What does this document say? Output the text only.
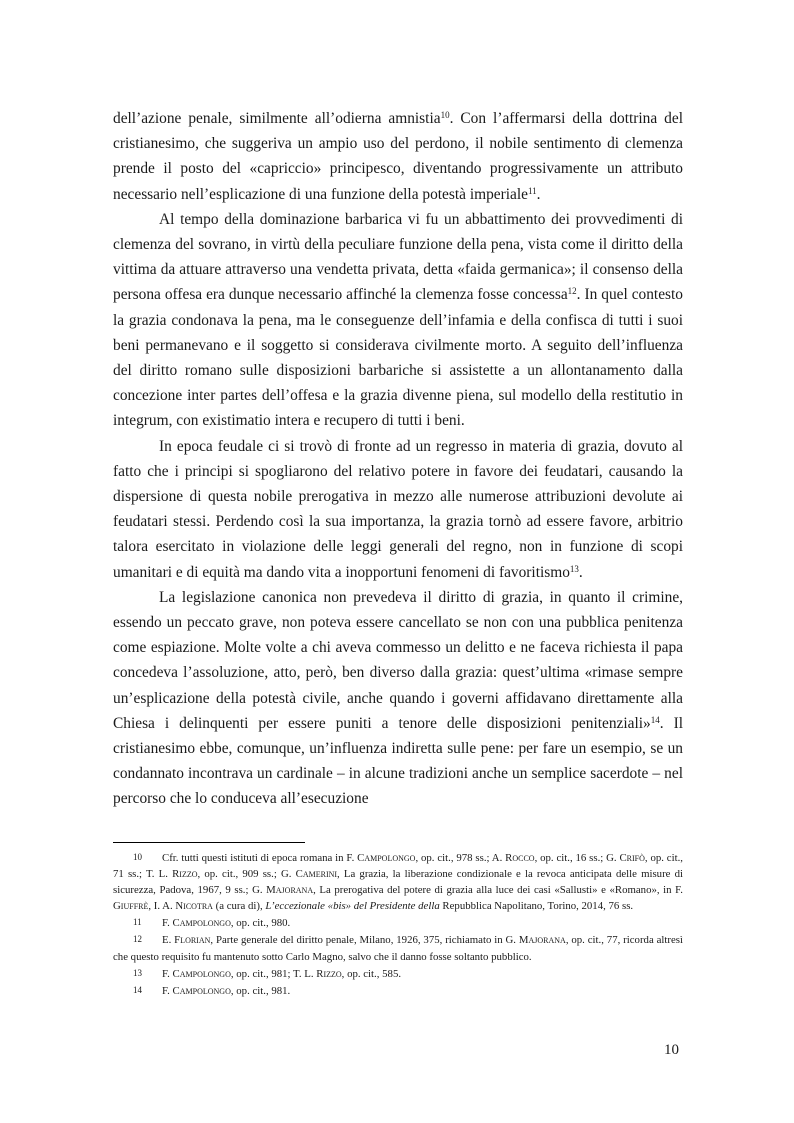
dell’azione penale, similmente all’odierna amnistia$^{10}$. Con l’affermarsi della dottrina del cristianesimo, che suggeriva un ampio uso del perdono, il nobile sentimento di clemenza prende il posto del «capriccio» principesco, diventando progressivamente un attributo necessario nell’esplicazione di una funzione della potestà imperiale$^{11}$.

Al tempo della dominazione barbarica vi fu un abbattimento dei provvedimenti di clemenza del sovrano, in virtù della peculiare funzione della pena, vista come il diritto della vittima da attuare attraverso una vendetta privata, detta «faida germanica»; il consenso della persona offesa era dunque necessario affinché la clemenza fosse concessa$^{12}$. In quel contesto la grazia condonava la pena, ma le conseguenze dell’infamia e della confisca di tutti i suoi beni permanevano e il soggetto si considerava civilmente morto. A seguito dell’influenza del diritto romano sulle disposizioni barbariche si assistette a un allontanamento dalla concezione inter partes dell’offesa e la grazia divenne piena, sul modello della restitutio in integrum, con existimatio intera e recupero di tutti i beni.

In epoca feudale ci si trovò di fronte ad un regresso in materia di grazia, dovuto al fatto che i principi si spogliarono del relativo potere in favore dei feudatari, causando la dispersione di questa nobile prerogativa in mezzo alle numerose attribuzioni devolute ai feudatari stessi. Perdendo così la sua importanza, la grazia tornò ad essere favore, arbitrio talora esercitato in violazione delle leggi generali del regno, non in funzione di scopi umanitari e di equità ma dando vita a inopportuni fenomeni di favoritismo$^{13}$.

La legislazione canonica non prevedeva il diritto di grazia, in quanto il crimine, essendo un peccato grave, non poteva essere cancellato se non con una pubblica penitenza come espiazione. Molte volte a chi aveva commesso un delitto e ne faceva richiesta il papa concedeva l’assoluzione, atto, però, ben diverso dalla grazia: quest’ultima «rimase sempre un’esplicazione della potestà civile, anche quando i governi affidavano direttamente alla Chiesa i delinquenti per essere puniti a tenore delle disposizioni penitenziali»$^{14}$. Il cristianesimo ebbe, comunque, un’influenza indiretta sulle pene: per fare un esempio, se un condannato incontrava un cardinale – in alcune tradizioni anche un semplice sacerdote – nel percorso che lo conduceva all’esecuzione

10 Cfr. tutti questi istituti di epoca romana in F. Campolongo, op. cit., 978 ss.; A. Rocco, op. cit., 16 ss.; G. Crifò, op. cit., 71 ss.; T. L. Rizzo, op. cit., 909 ss.; G. Camerini, La grazia, la liberazione condizionale e la revoca anticipata delle misure di sicurezza, Padova, 1967, 9 ss.; G. Majorana, La prerogativa del potere di grazia alla luce dei casi «Sallusti» e «Romano», in F. Giuffrè, I. A. Nicotra (a cura di), L’eccezionale «bis» del Presidente della Repubblica Napolitano, Torino, 2014, 76 ss.

11 F. Campolongo, op. cit., 980.

12 E. Florian, Parte generale del diritto penale, Milano, 1926, 375, richiamato in G. Majorana, op. cit., 77, ricorda altresì che questo requisito fu mantenuto sotto Carlo Magno, salvo che il danno fosse soltanto pubblico.

13 F. Campolongo, op. cit., 981; T. L. Rizzo, op. cit., 585.

14 F. Campolongo, op. cit., 981.

10
